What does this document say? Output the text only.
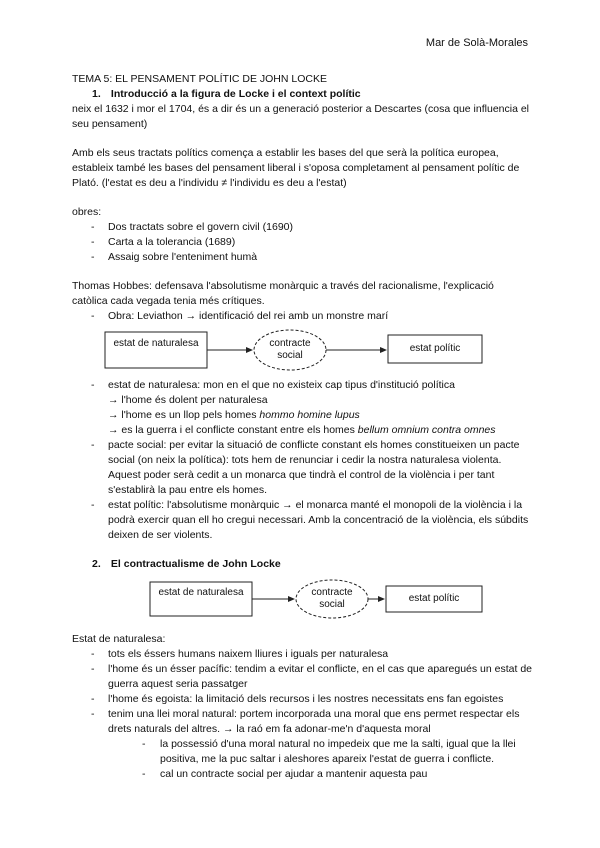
Mar de Solà-Morales

TEMA 5: EL PENSAMENT POLÍTIC DE JOHN LOCKE

1. Introducció a la figura de Locke i el context polític

neix el 1632 i mor el 1704, és a dir és un a generació posterior a Descartes (cosa que influencia el seu pensament)

Amb els seus tractats polítics comença a establir les bases del que serà la política europea, estableix també les bases del pensament liberal i s'oposa completament al pensament polític de Plató. (l'estat es deu a l'individu ≠ l'individu es deu a l'estat)

obres:

- Dos tractats sobre el govern civil (1690)
- Carta a la tolerancia (1689)
- Assaig sobre l'enteniment humà

Thomas Hobbes: defensava l'absolutisme monàrquic a través del racionalisme, l'explicació catòlica cada vegada tenia més crítiques.

- Obra: Leviathon → identificació del rei amb un monstre marí
estat de naturalesa	contracte social
estat polític
- estat de naturalesa: mon en el que no existeix cap tipus d'institució política
→ l'home és dolent per naturalesa
→ l'home es un llop pels homes hommo homine lupus
→ es la guerra i el conflicte constant entre els homes bellum omnium contra omnes
- pacte social: per evitar la situació de conflicte constant els homes constitueixen un pacte social (on neix la política): tots hem de renunciar i cedir la nostra naturalesa violenta. Aquest poder serà cedit a un monarca que tindrà el control de la violència i per tant s'establirà la pau entre els homes.
- estat polític: l'absolutisme monàrquic → el monarca manté el monopoli de la violència i la podrà exercir quan ell ho cregui necessari. Amb la concentració de la violència, els súbdits deixen de ser violents.

2. El contractualisme de John Locke

estat de naturalesa	contracte social
estat polític

Estat de naturalesa:

- tots els éssers humans naixem lliures i iguals per naturalesa
- l'home és un ésser pacífic: tendim a evitar el conflicte, en el cas que aparegués un estat de guerra aquest seria passatger
- l'home és egoista: la limitació dels recursos i les nostres necessitats ens fan egoistes
- tenim una llei moral natural: portem incorporada una moral que ens permet respectar els drets naturals del altres. → la raó em fa adonar-me'n d'aquesta moral
- la possessió d'una moral natural no impedeix que me la salti, igual que la llei positiva, me la puc saltar i aleshores apareix l'estat de guerra i conflicte.
- cal un contracte social per ajudar a mantenir aquesta pau
